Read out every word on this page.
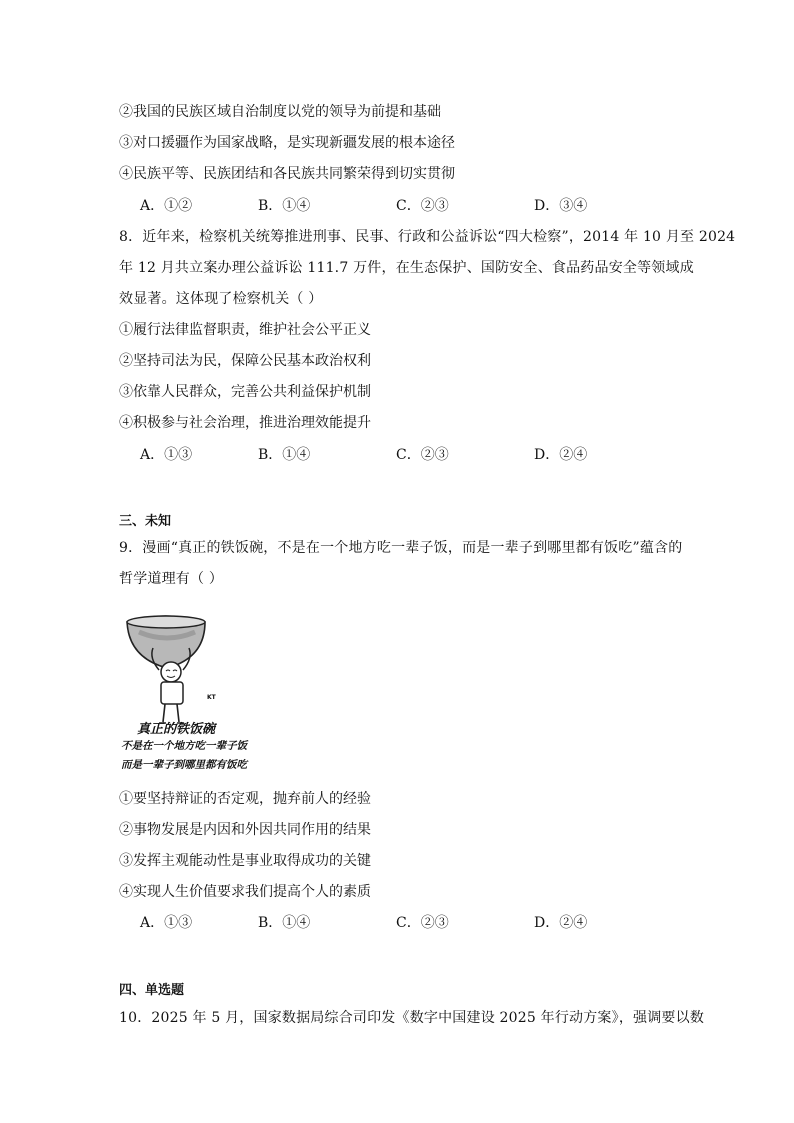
②我国的民族区域自治制度以党的领导为前提和基础
③对口援疆作为国家战略，是实现新疆发展的根本途径
④民族平等、民族团结和各民族共同繁荣得到切实贯彻
A．①②	B．①④	C．②③	D．③④
8．近年来，检察机关统筹推进刑事、民事、行政和公益诉讼“四大检察”，2014 年 10 月至 2024
年 12 月共立案办理公益诉讼 111.7 万件，在生态保护、国防安全、食品药品安全等领域成
效显著。这体现了检察机关（ ）
①履行法律监督职责，维护社会公平正义
②坚持司法为民，保障公民基本政治权利
③依靠人民群众，完善公共利益保护机制
④积极参与社会治理，推进治理效能提升
A．①③	B．①④	C．②③	D．②④
三、未知
9．漫画“真正的铁饭碗，不是在一个地方吃一辈子饭，而是一辈子到哪里都有饭吃”蕴含的
哲学道理有（ ）
KT
真正的铁饭碗
不是在一个地方吃一辈子饭
而是一辈子到哪里都有饭吃
①要坚持辩证的否定观，抛弃前人的经验
②事物发展是内因和外因共同作用的结果
③发挥主观能动性是事业取得成功的关键
④实现人生价值要求我们提高个人的素质
A．①③	B．①④	C．②③	D．②④
四、单选题
10．2025 年 5 月，国家数据局综合司印发《数字中国建设 2025 年行动方案》，强调要以数
